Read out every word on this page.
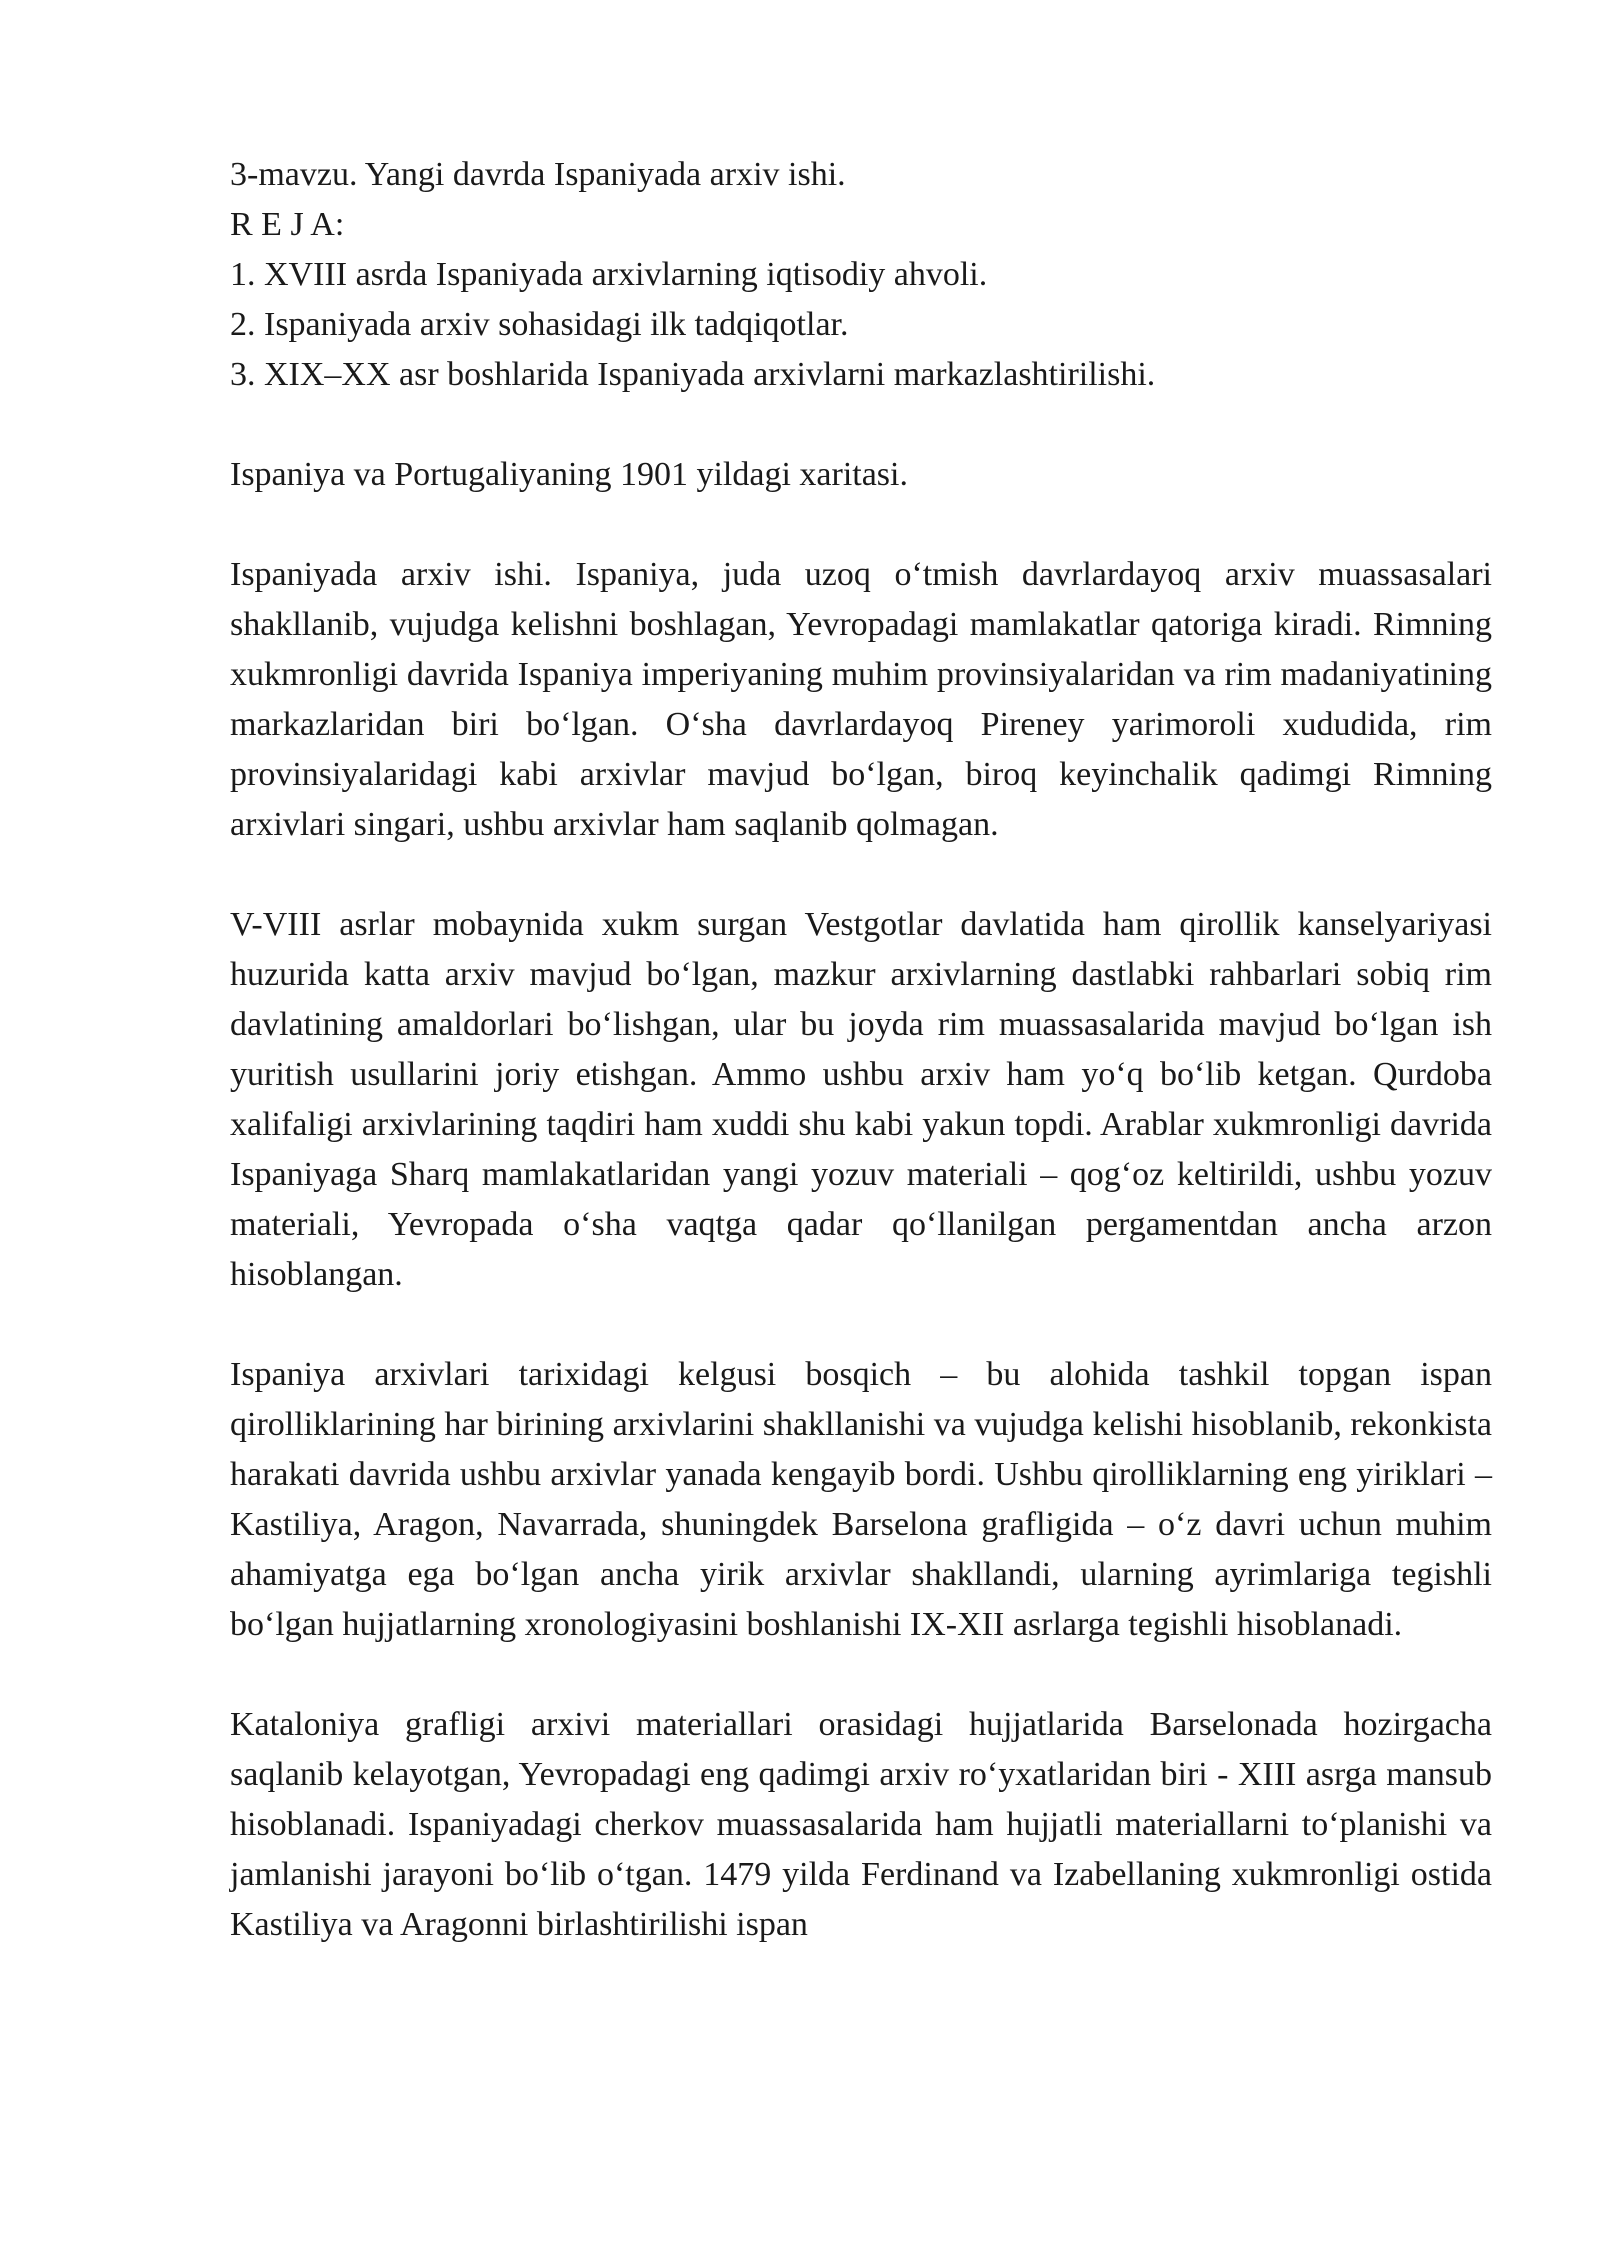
3-mavzu. Yangi davrda Ispaniyada arxiv ishi.
R E J A:
1. XVIII asrda Ispaniyada arxivlarning iqtisodiy ahvoli.
2. Ispaniyada arxiv sohasidagi ilk tadqiqotlar.
3. XIX–XX asr boshlarida Ispaniyada arxivlarni markazlashtirilishi.
Ispaniya va Portugaliyaning 1901 yildagi xaritasi.

Ispaniyada arxiv ishi. Ispaniya, juda uzoq o‘tmish davrlardayoq arxiv muassasalari shakllanib, vujudga kelishni boshlagan, Yevropadagi mamlakatlar qatoriga kiradi. Rimning xukmronligi davrida Ispaniya imperiyaning muhim provinsiyalaridan va rim madaniyatining markazlaridan biri bo‘lgan. O‘sha davrlardayoq Pireney yarimoroli xududida, rim provinsiyalaridagi kabi arxivlar mavjud bo‘lgan, biroq keyinchalik qadimgi Rimning arxivlari singari, ushbu arxivlar ham saqlanib qolmagan.

V-VIII asrlar mobaynida xukm surgan Vestgotlar davlatida ham qirollik kanselyariyasi huzurida katta arxiv mavjud bo‘lgan, mazkur arxivlarning dastlabki rahbarlari sobiq rim davlatining amaldorlari bo‘lishgan, ular bu joyda rim muassasalarida mavjud bo‘lgan ish yuritish usullarini joriy etishgan. Ammo ushbu arxiv ham yo‘q bo‘lib ketgan. Qurdoba xalifaligi arxivlarining taqdiri ham xuddi shu kabi yakun topdi. Arablar xukmronligi davrida Ispaniyaga Sharq mamlakatlaridan yangi yozuv materiali – qog‘oz keltirildi, ushbu yozuv materiali, Yevropada o‘sha vaqtga qadar qo‘llanilgan pergamentdan ancha arzon hisoblangan.

Ispaniya arxivlari tarixidagi kelgusi bosqich – bu alohida tashkil topgan ispan qirolliklarining har birining arxivlarini shakllanishi va vujudga kelishi hisoblanib, rekonkista harakati davrida ushbu arxivlar yanada kengayib bordi. Ushbu qirolliklarning eng yiriklari – Kastiliya, Aragon, Navarrada, shuningdek Barselona grafligida – o‘z davri uchun muhim ahamiyatga ega bo‘lgan ancha yirik arxivlar shakllandi, ularning ayrimlariga tegishli bo‘lgan hujjatlarning xronologiyasini boshlanishi IX-XII asrlarga tegishli hisoblanadi.

Kataloniya grafligi arxivi materiallari orasidagi hujjatlarida Barselonada hozirgacha saqlanib kelayotgan, Yevropadagi eng qadimgi arxiv ro‘yxatlaridan biri - XIII asrga mansub hisoblanadi. Ispaniyadagi cherkov muassasalarida ham hujjatli materiallarni to‘planishi va jamlanishi jarayoni bo‘lib o‘tgan. 1479 yilda Ferdinand va Izabellaning xukmronligi ostida Kastiliya va Aragonni birlashtirilishi ispan
